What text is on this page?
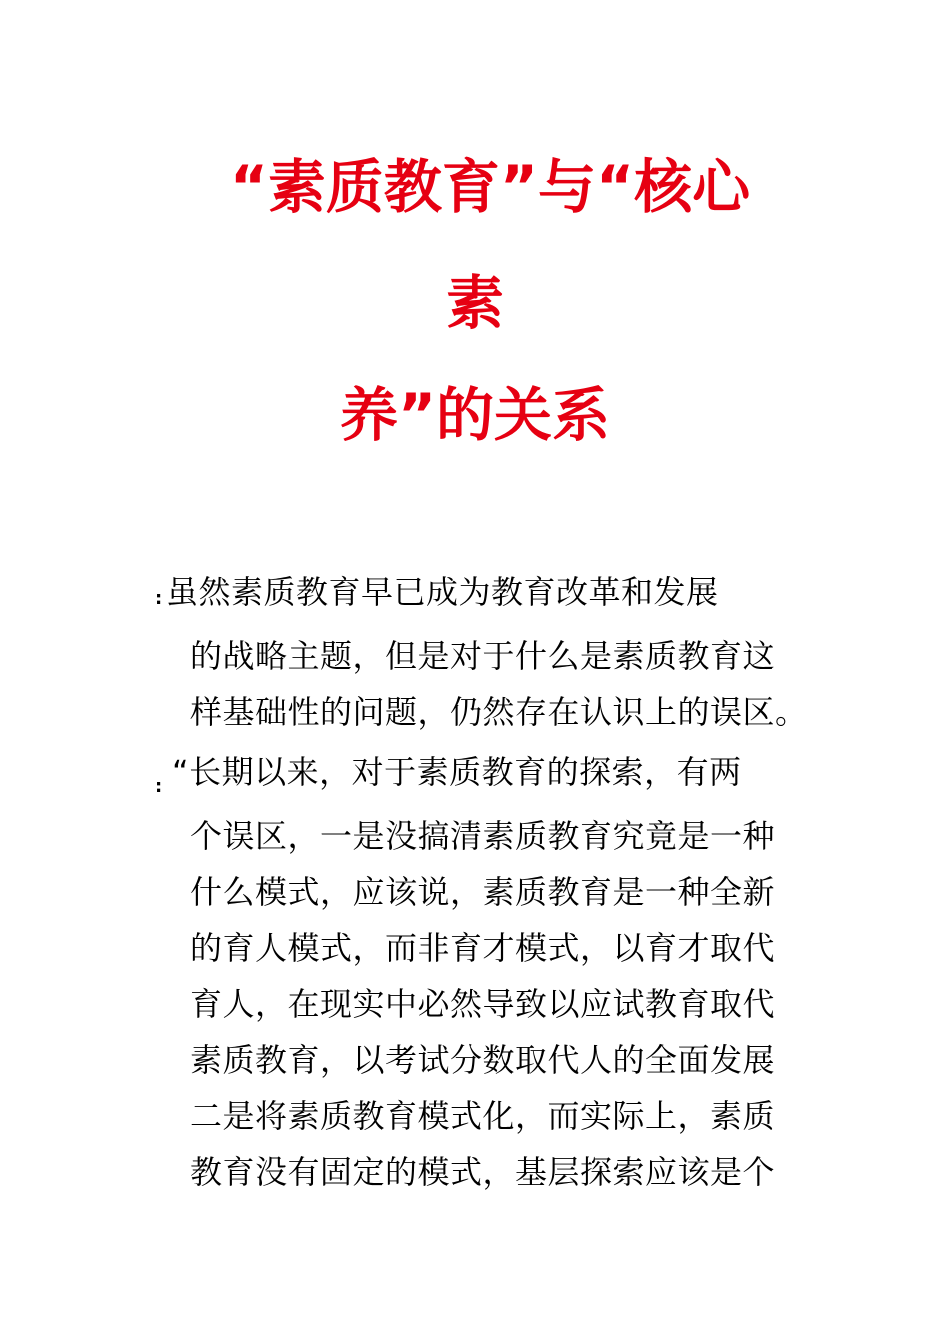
“素质教育”与“核心
素
养”的关系
: 虽然素质教育早已成为教育改革和发展
的战略主题，但是对于什么是素质教育这
样基础性的问题，仍然存在认识上的误区。
: “长期以来，对于素质教育的探索，有两
个误区，一是没搞清素质教育究竟是一种
什么模式，应该说，素质教育是一种全新
的育人模式，而非育才模式，以育才取代
育人，在现实中必然导致以应试教育取代
素质教育，以考试分数取代人的全面发展
二是将素质教育模式化，而实际上，素质
教育没有固定的模式，基层探索应该是个
